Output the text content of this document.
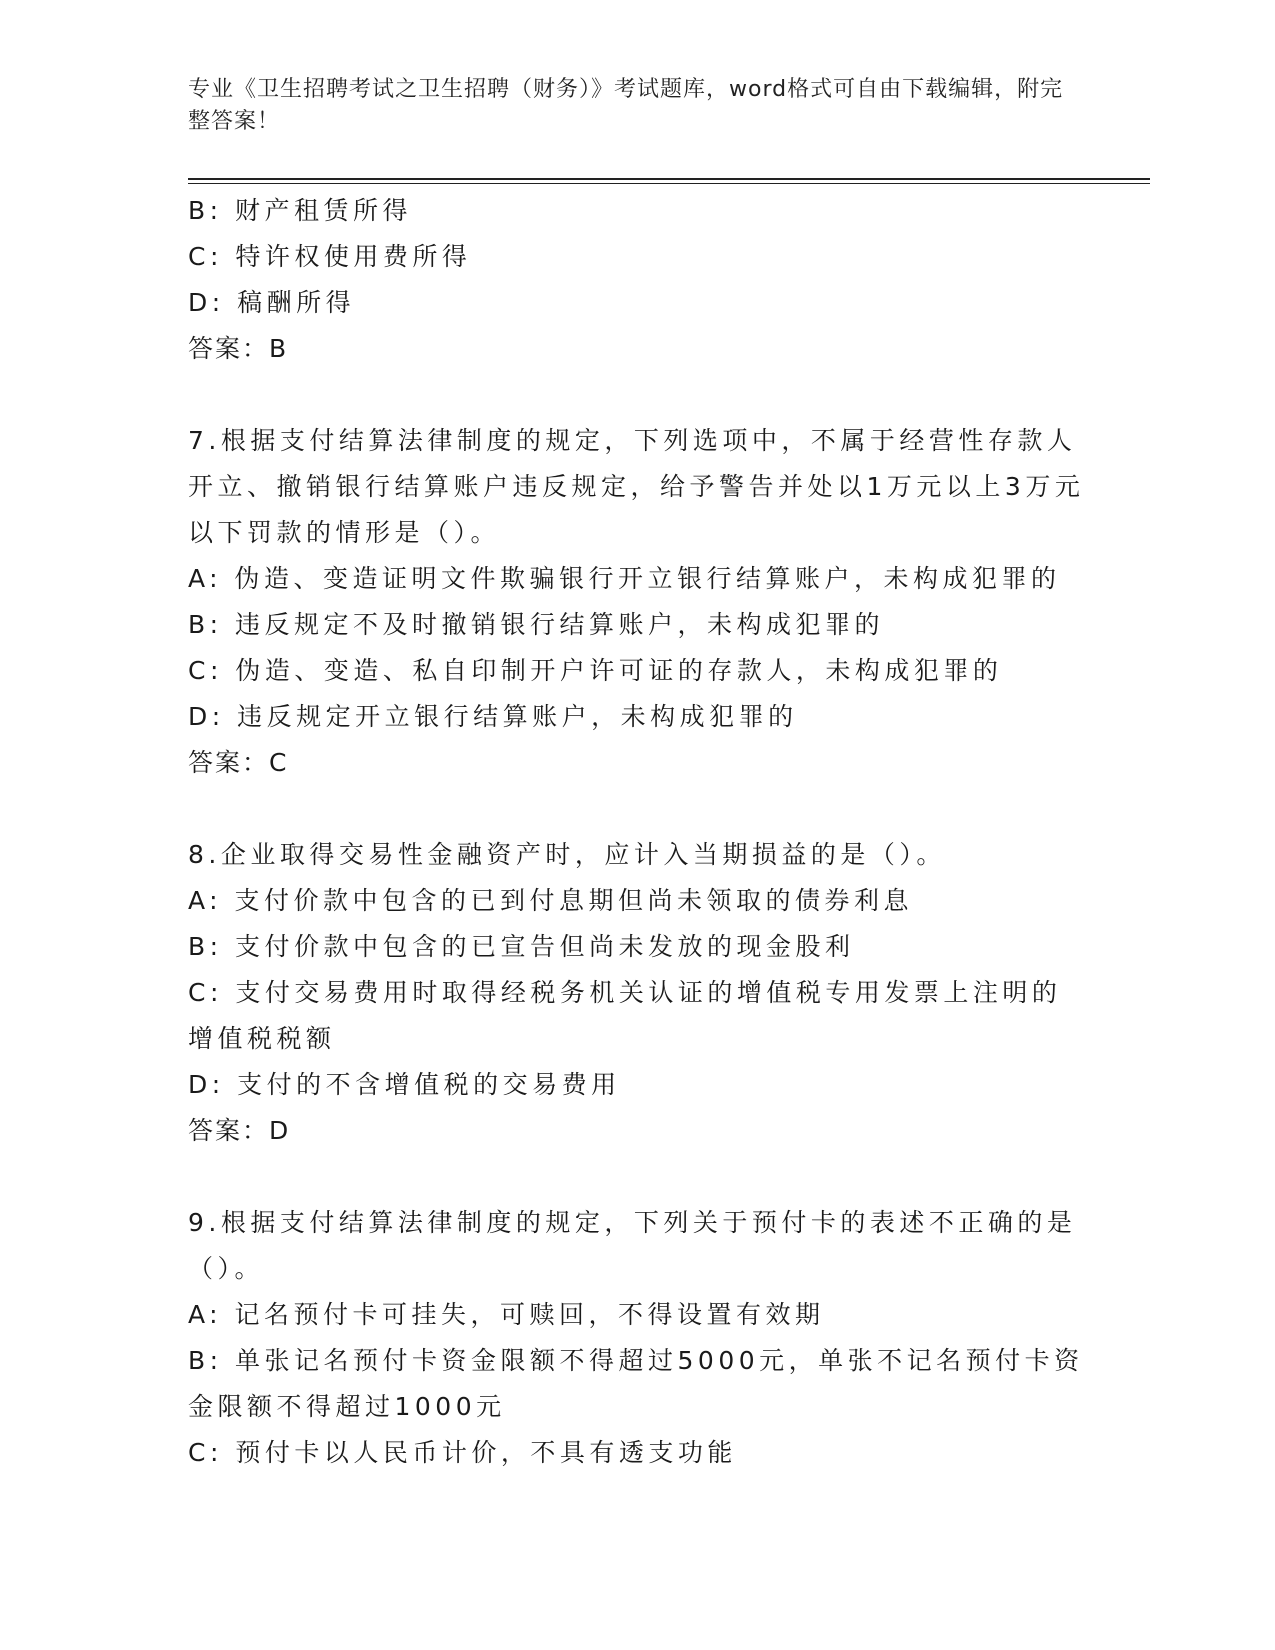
专业《卫生招聘考试之卫生招聘（财务）》考试题库，word格式可自由下载编辑，附完整答案！

B: 财产租赁所得

C: 特许权使用费所得

D: 稿酬所得

答案：B

7.根据支付结算法律制度的规定，下列选项中，不属于经营性存款人开立、撤销银行结算账户违反规定，给予警告并处以1万元以上3万元以下罚款的情形是（）。

A: 伪造、变造证明文件欺骗银行开立银行结算账户，未构成犯罪的

B: 违反规定不及时撤销银行结算账户，未构成犯罪的

C: 伪造、变造、私自印制开户许可证的存款人，未构成犯罪的

D: 违反规定开立银行结算账户，未构成犯罪的

答案：C

8.企业取得交易性金融资产时，应计入当期损益的是（）。

A: 支付价款中包含的已到付息期但尚未领取的债券利息

B: 支付价款中包含的已宣告但尚未发放的现金股利

C: 支付交易费用时取得经税务机关认证的增值税专用发票上注明的增值税税额

D: 支付的不含增值税的交易费用

答案：D

9.根据支付结算法律制度的规定，下列关于预付卡的表述不正确的是（）。

A: 记名预付卡可挂失，可赎回，不得设置有效期

B: 单张记名预付卡资金限额不得超过5000元，单张不记名预付卡资金限额不得超过1000元

C: 预付卡以人民币计价，不具有透支功能
